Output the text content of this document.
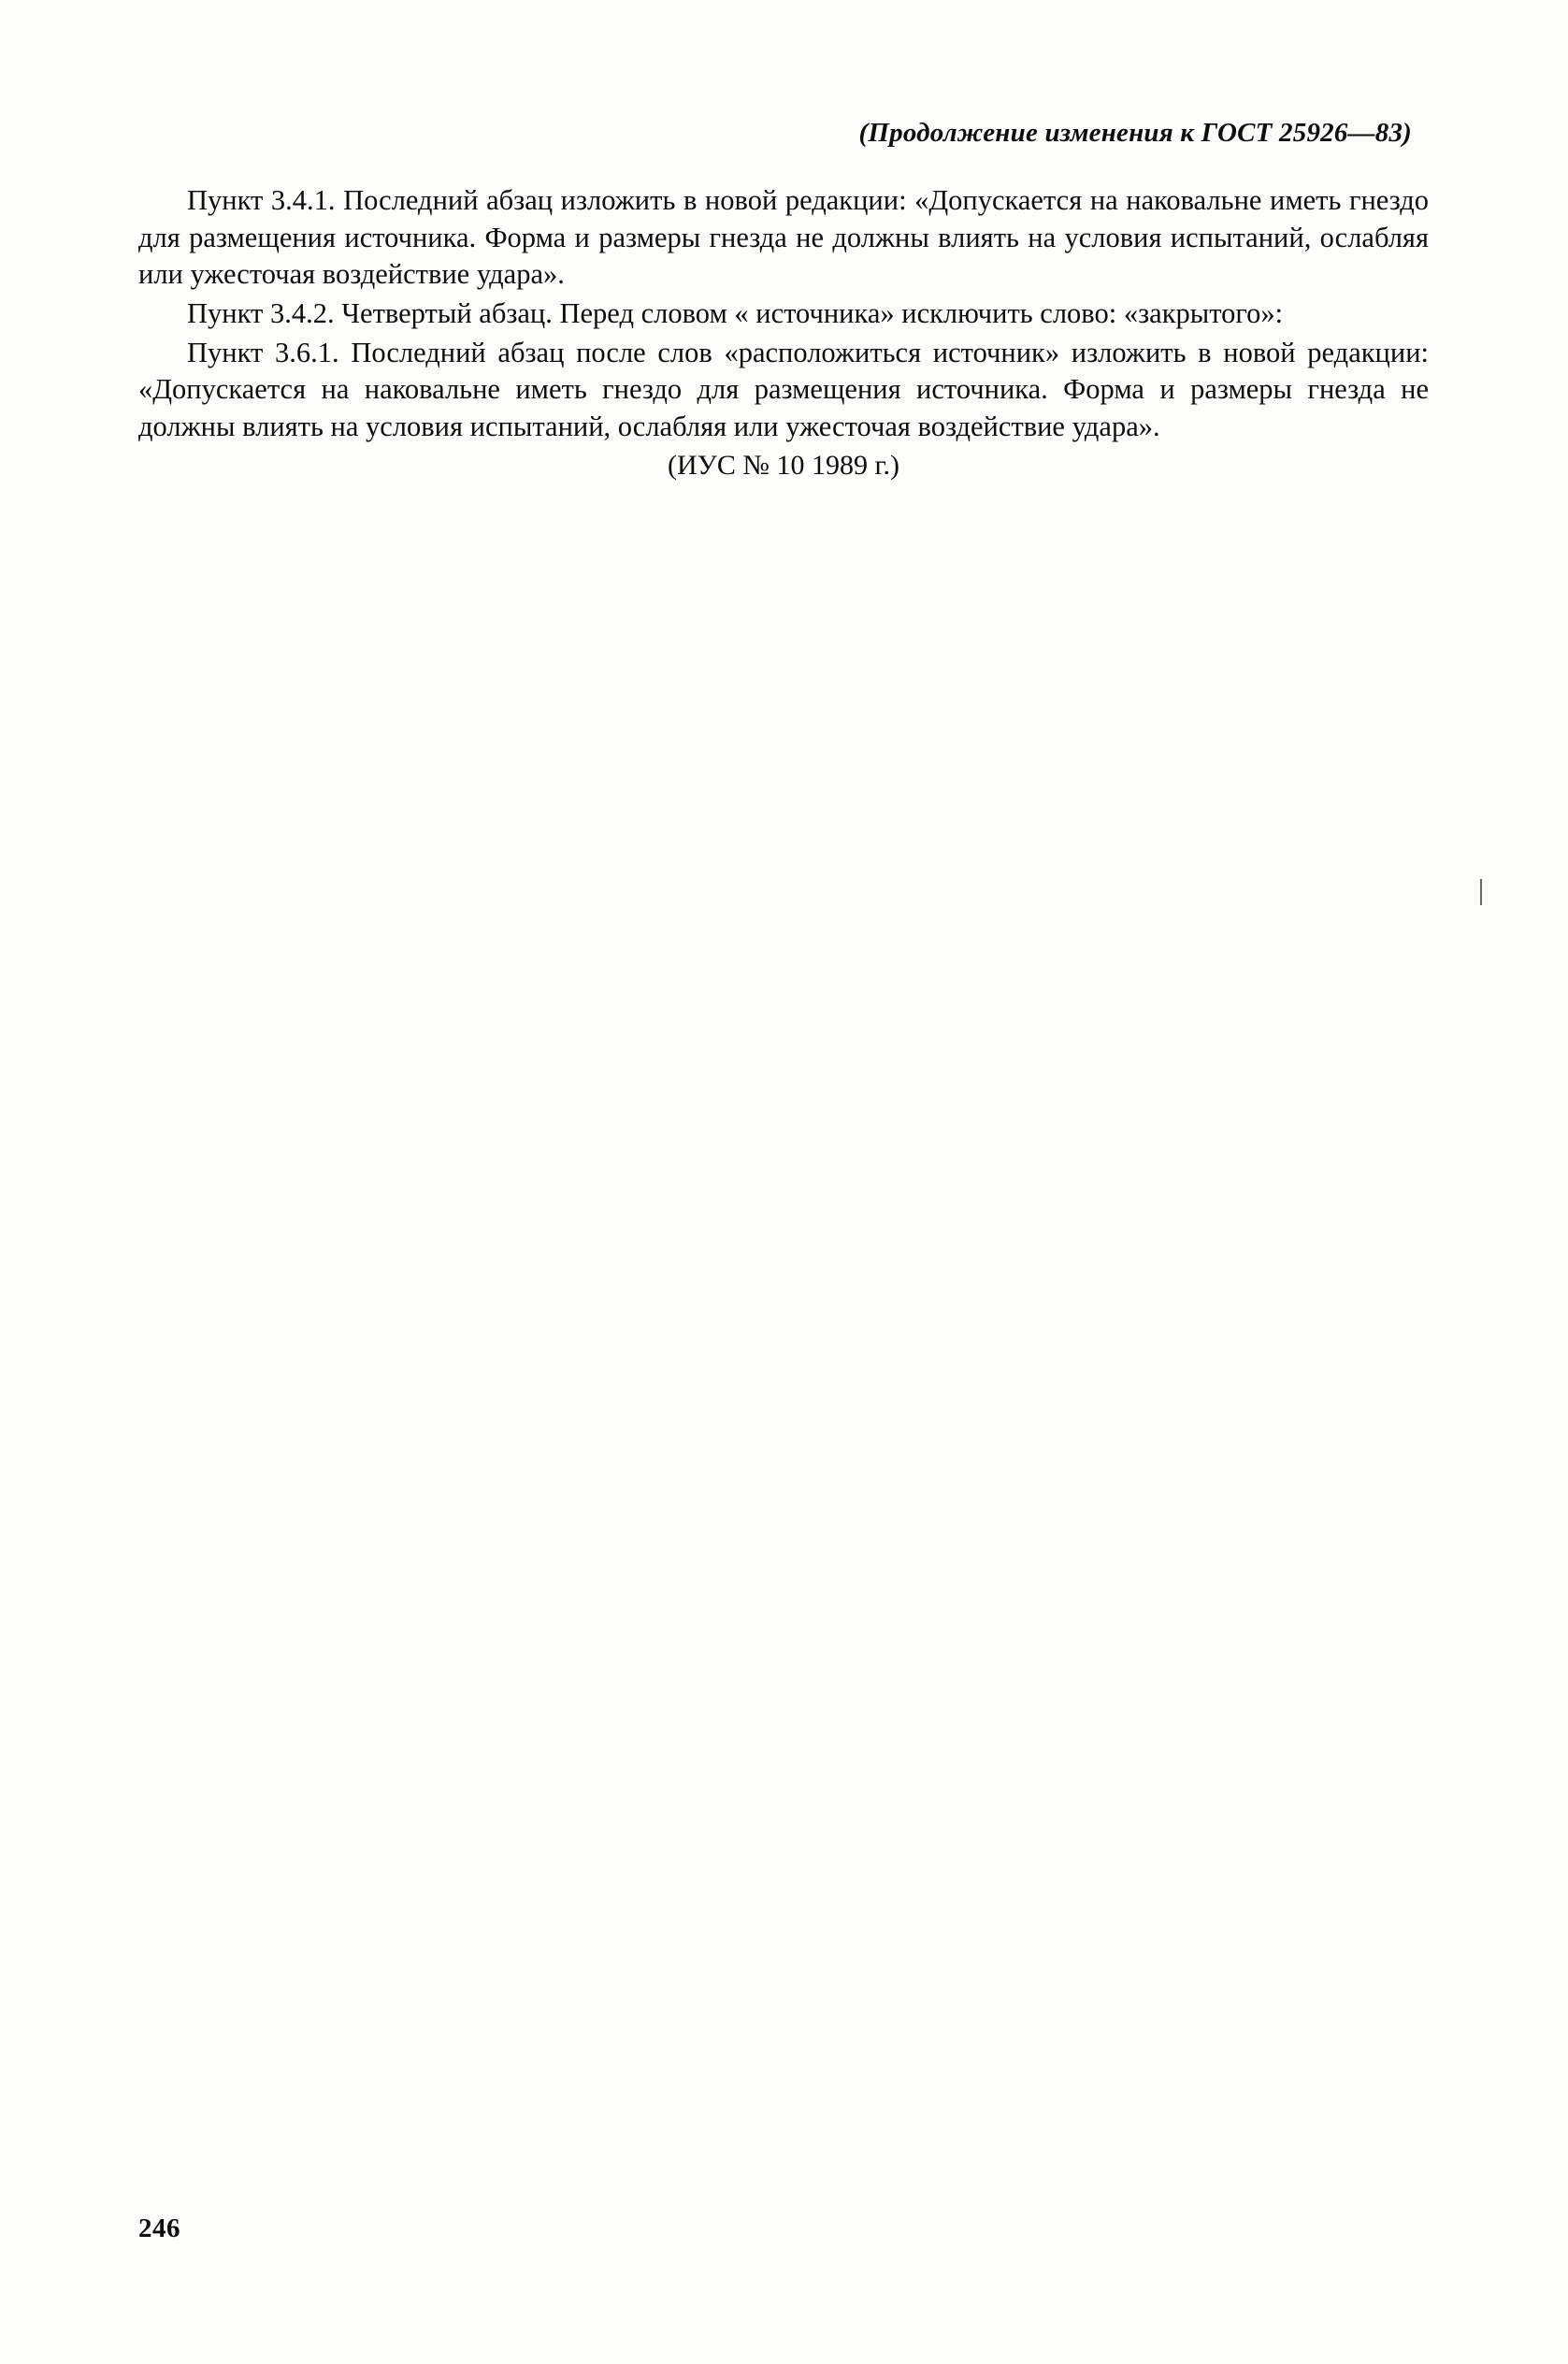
(Продолжение изменения к ГОСТ 25926—83)

Пункт 3.4.1. Последний абзац изложить в новой редакции: «Допускается на наковальне иметь гнездо для размещения источника. Форма и размеры гнезда не должны влиять на условия испытаний, ослабляя или ужесточая воздействие удара».

Пункт 3.4.2. Четвертый абзац. Перед словом « источника» исключить слово: «закрытого»:

Пункт 3.6.1. Последний абзац после слов «расположиться источник» изложить в новой редакции: «Допускается на наковальне иметь гнездо для размещения источника. Форма и размеры гнезда не должны влиять на условия испытаний, ослабляя или ужесточая воздействие удара».

(ИУС № 10 1989 г.)

246
